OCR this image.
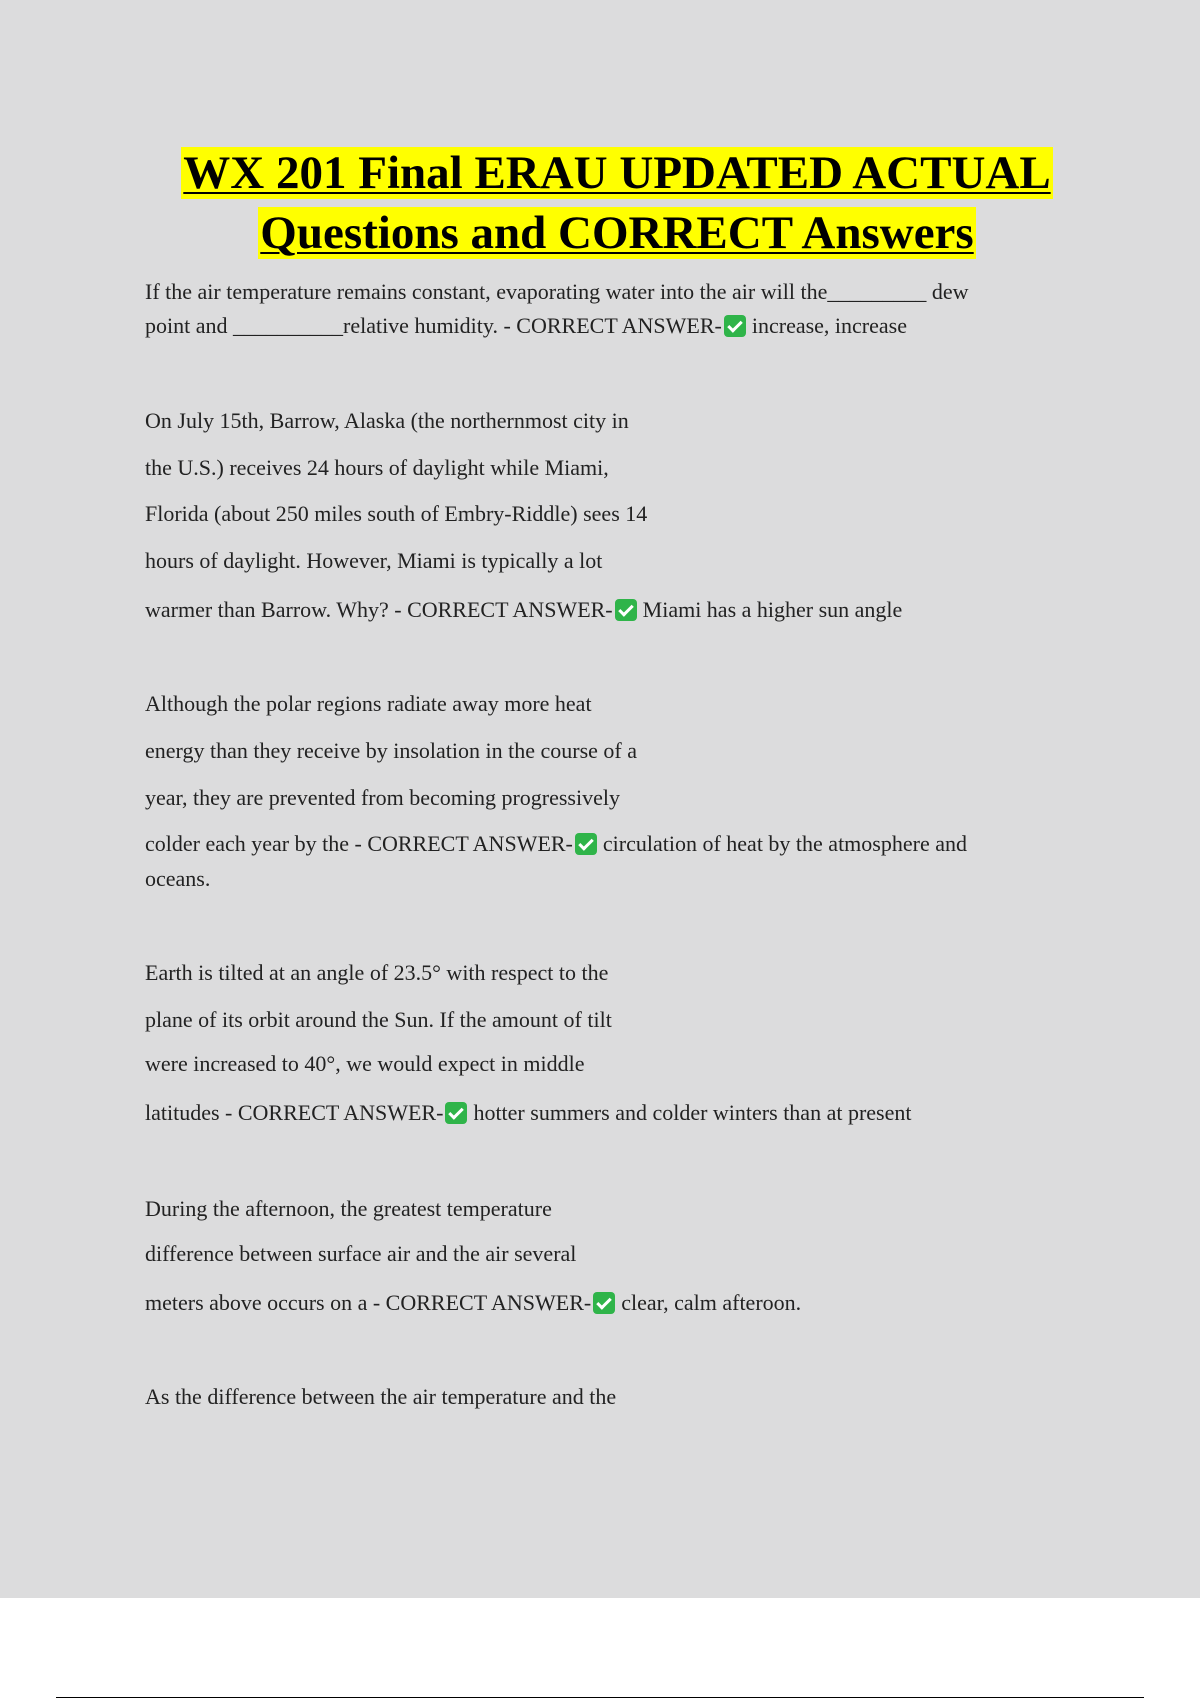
WX 201 Final ERAU UPDATED ACTUAL
Questions and CORRECT Answers
If the air temperature remains constant, evaporating water into the air will the_________ dew
point and __________relative humidity. - CORRECT ANSWER- increase, increase
On July 15th, Barrow, Alaska (the northernmost city in
the U.S.) receives 24 hours of daylight while Miami,
Florida (about 250 miles south of Embry-Riddle) sees 14
hours of daylight. However, Miami is typically a lot
warmer than Barrow. Why? - CORRECT ANSWER- Miami has a higher sun angle
Although the polar regions radiate away more heat
energy than they receive by insolation in the course of a
year, they are prevented from becoming progressively
colder each year by the - CORRECT ANSWER- circulation of heat by the atmosphere and
oceans.
Earth is tilted at an angle of 23.5° with respect to the
plane of its orbit around the Sun. If the amount of tilt
were increased to 40°, we would expect in middle
latitudes - CORRECT ANSWER- hotter summers and colder winters than at present
During the afternoon, the greatest temperature
difference between surface air and the air several
meters above occurs on a - CORRECT ANSWER- clear, calm afteroon.
As the difference between the air temperature and the
